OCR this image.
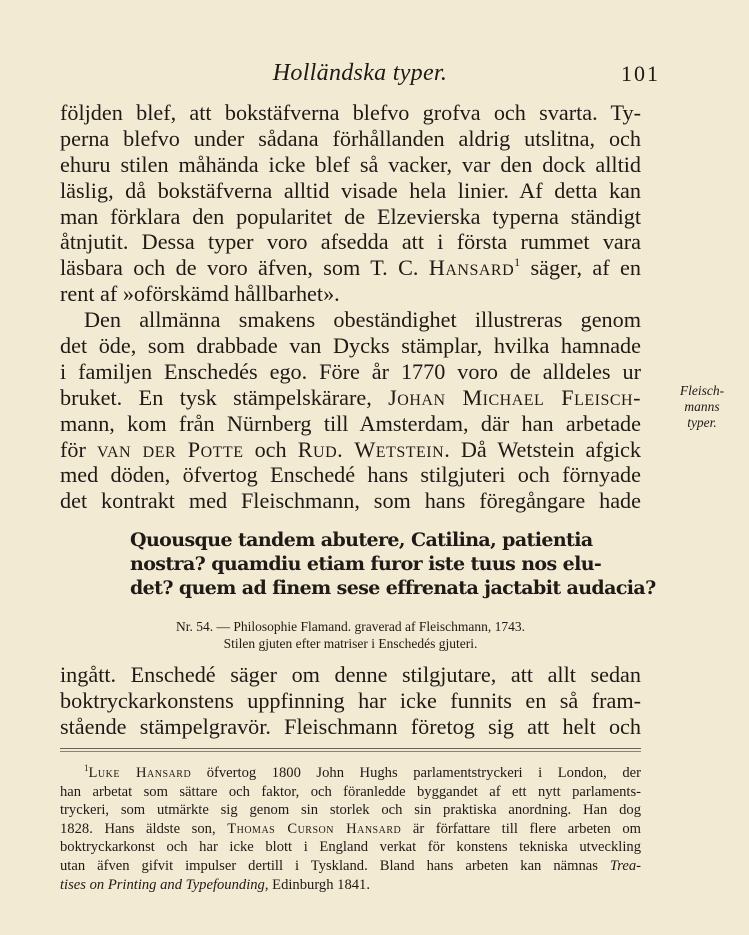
Holländska typer.	101
följden blef, att bokstäfverna blefvo grofva och svarta. Ty-
perna blefvo under sådana förhållanden aldrig utslitna, och
ehuru stilen måhända icke blef så vacker, var den dock alltid
läslig, då bokstäfverna alltid visade hela linier. Af detta kan
man förklara den popularitet de Elzevierska typerna ständigt
åtnjutit. Dessa typer voro afsedda att i första rummet vara
läsbara och de voro äfven, som T. C. Hansard$^1$ säger, af en
rent af »oförskämd hållbarhet».
Den allmänna smakens obeständighet illustreras genom
det öde, som drabbade van Dycks stämplar, hvilka hamnade
i familjen Enschedés ego. Före år 1770 voro de alldeles ur
bruket. En tysk stämpelskärare, Johan Michael Fleisch-
mann, kom från Nürnberg till Amsterdam, där han arbetade
för van der Potte och Rud. Wetstein. Då Wetstein afgick
med döden, öfvertog Enschedé hans stilgjuteri och förnyade
det kontrakt med Fleischmann, som hans föregångare hade
Fleisch-
manns
typer.
Quousque tandem abutere, Catilina, patientia
nostra? quamdiu etiam furor iste tuus nos elu-
det? quem ad finem sese effrenata jactabit audacia?
Nr. 54. — Philosophie Flamand. graverad af Fleischmann, 1743.
Stilen gjuten efter matriser i Enschedés gjuteri.
ingått. Enschedé säger om denne stilgjutare, att allt sedan
boktryckarkonstens uppfinning har icke funnits en så fram-
stående stämpelgravör. Fleischmann företog sig att helt och
$^1$Luke Hansard öfvertog 1800 John Hughs parlamentstryckeri i London, der
han arbetat som sättare och faktor, och föranledde byggandet af ett nytt parlaments-
tryckeri, som utmärkte sig genom sin storlek och sin praktiska anordning. Han dog
1828. Hans äldste son, Thomas Curson Hansard är författare till flere arbeten om
boktryckarkonst och har icke blott i England verkat för konstens tekniska utveckling
utan äfven gifvit impulser dertill i Tyskland. Bland hans arbeten kan nämnas Trea-
tises on Printing and Typefounding, Edinburgh 1841.
